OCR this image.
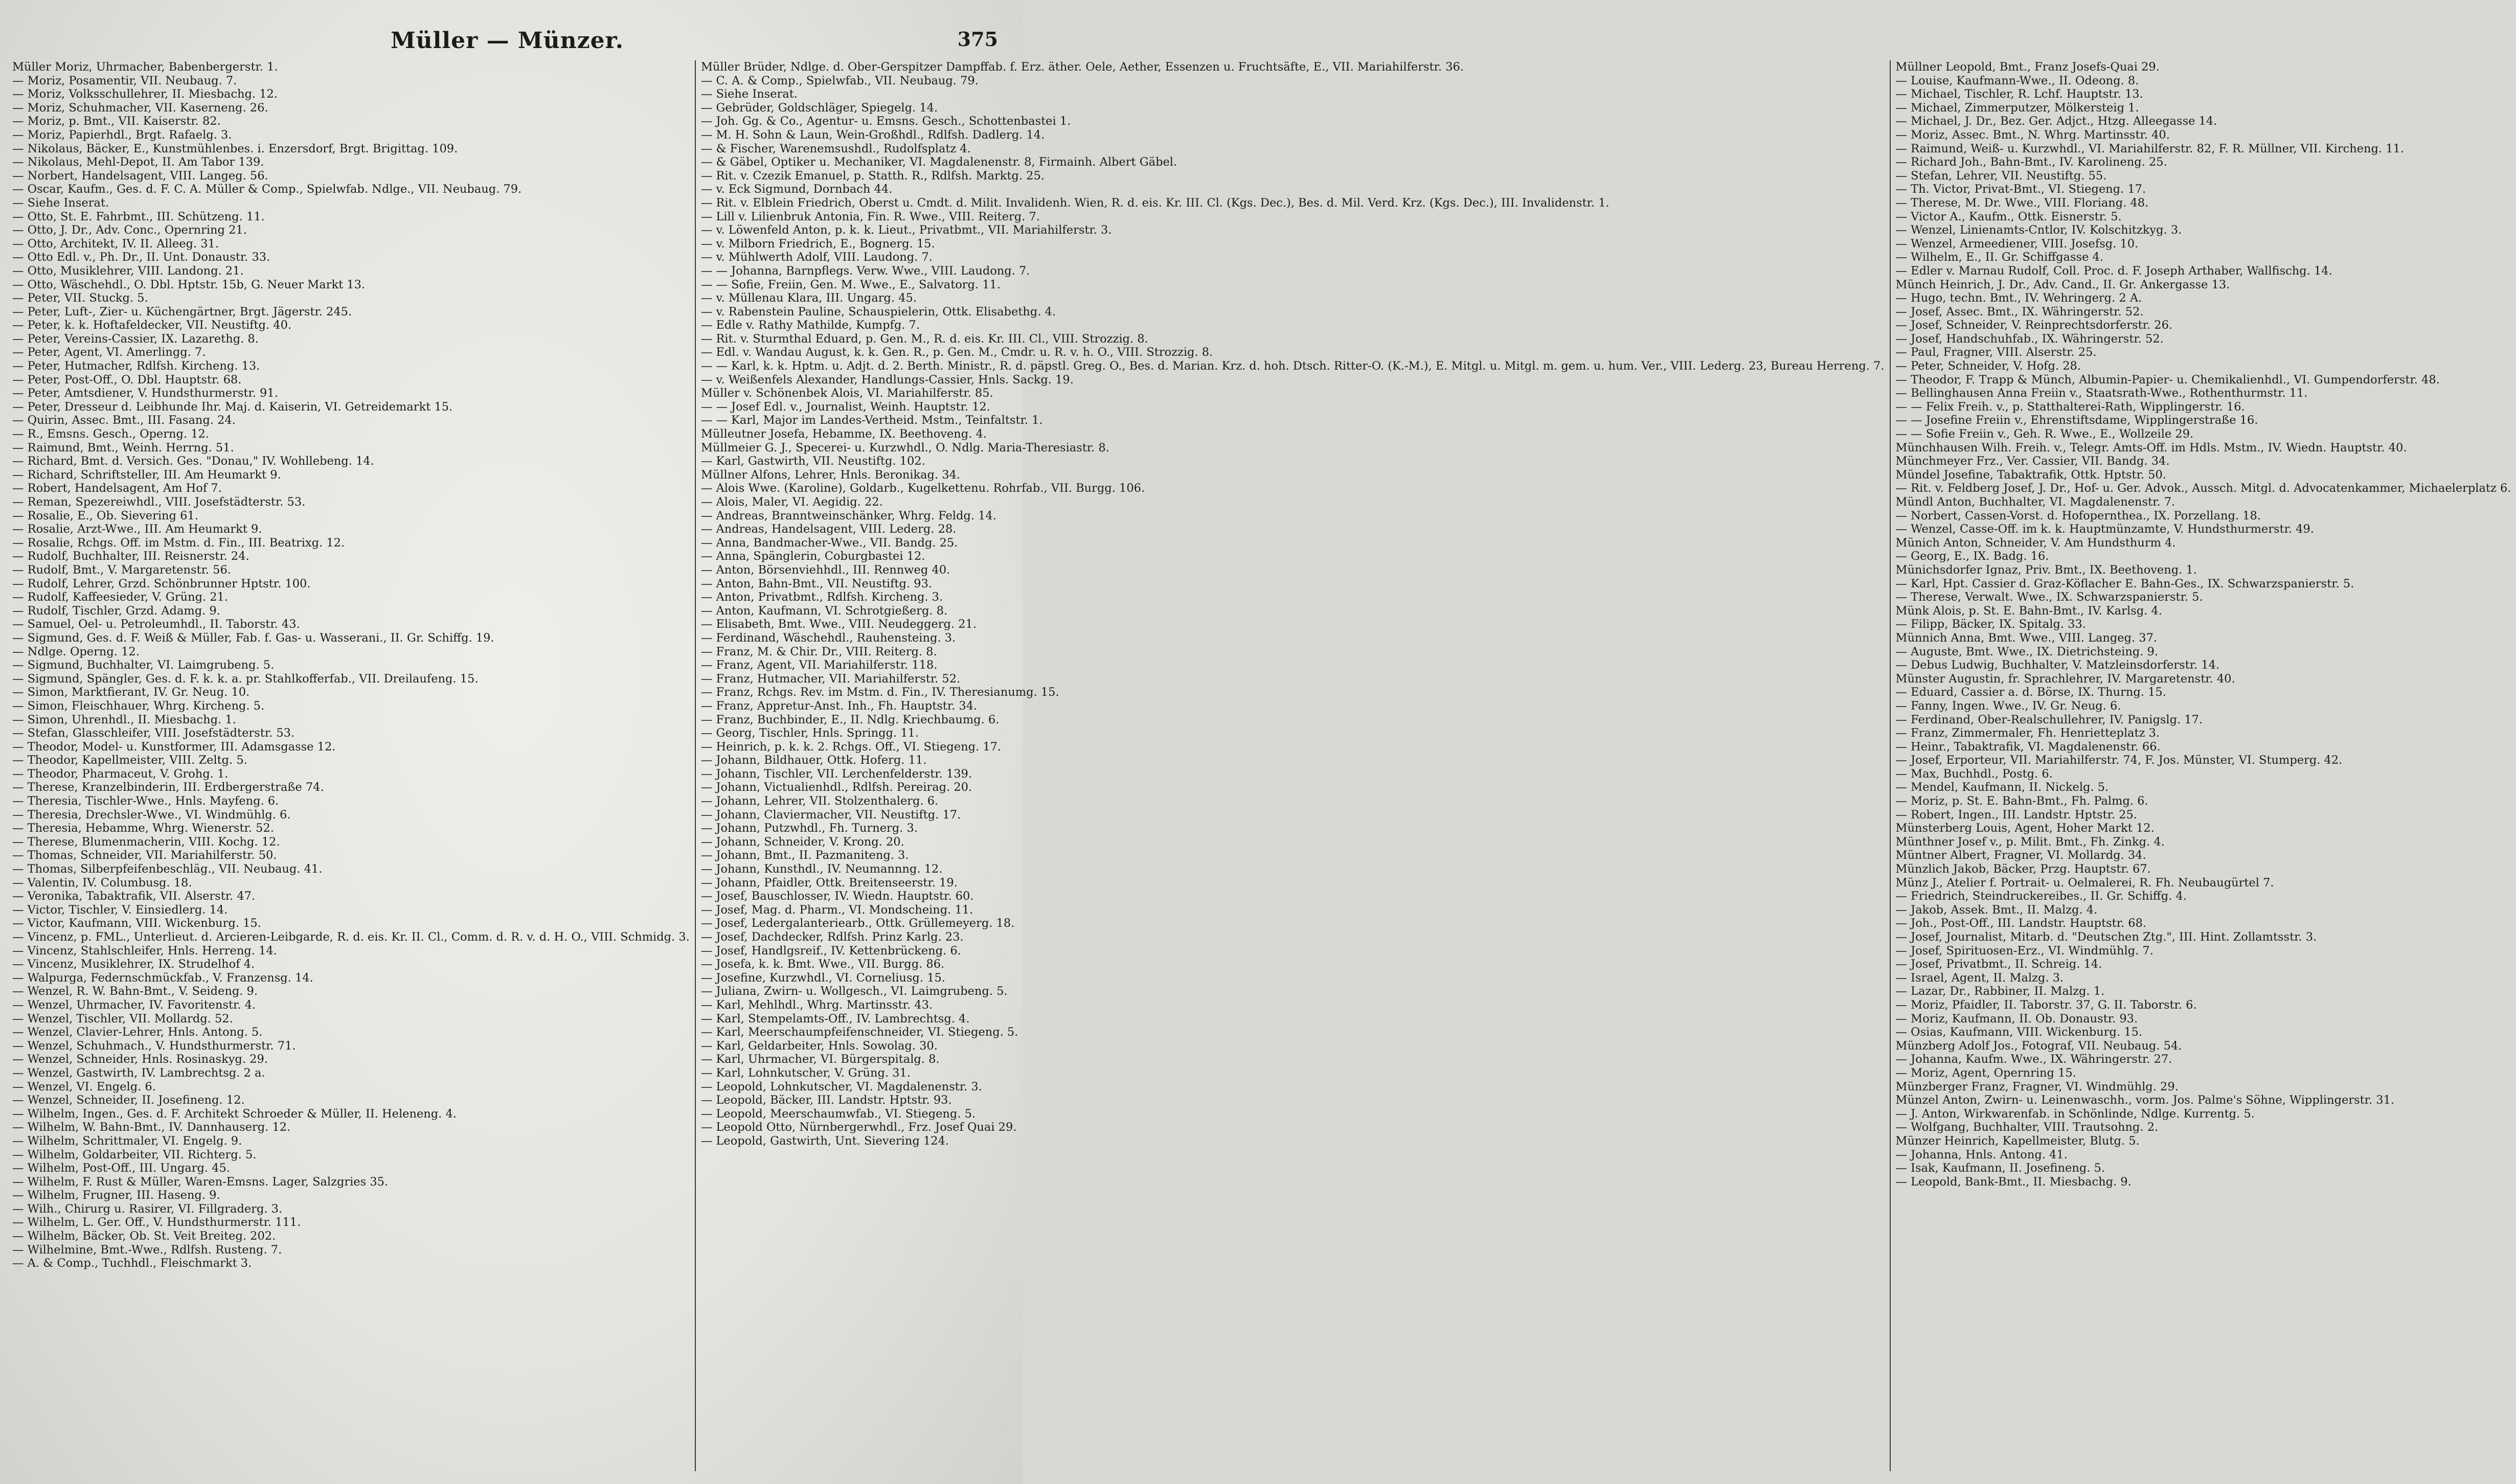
Müller — Münzer.	375
Müller Moriz, Uhrmacher, Babenbergerstr. 1.
— Moriz, Posamentir, VII. Neubaug. 7.
— Moriz, Volksschullehrer, II. Miesbachg. 12.
— Moriz, Schuhmacher, VII. Kaserneng. 26.
— Moriz, p. Bmt., VII. Kaiserstr. 82.
— Moriz, Papierhdl., Brgt. Rafaelg. 3.
— Nikolaus, Bäcker, E., Kunstmühlenbes. i. Enzersdorf, Brgt. Brigittag. 109.
— Nikolaus, Mehl-Depot, II. Am Tabor 139.
— Norbert, Handelsagent, VIII. Langeg. 56.
— Oscar, Kaufm., Ges. d. F. C. A. Müller & Comp., Spielwfab. Ndlge., VII. Neubaug. 79.
— Siehe Inserat.
— Otto, St. E. Fahrbmt., III. Schützeng. 11.
— Otto, J. Dr., Adv. Conc., Opernring 21.
— Otto, Architekt, IV. II. Alleeg. 31.
— Otto Edl. v., Ph. Dr., II. Unt. Donaustr. 33.
— Otto, Musiklehrer, VIII. Landong. 21.
— Otto, Wäschehdl., O. Dbl. Hptstr. 15b, G. Neuer Markt 13.
— Peter, VII. Stuckg. 5.
— Peter, Luft-, Zier- u. Küchengärtner, Brgt. Jägerstr. 245.
— Peter, k. k. Hoftafeldecker, VII. Neustiftg. 40.
— Peter, Vereins-Cassier, IX. Lazarethg. 8.
— Peter, Agent, VI. Amerlingg. 7.
— Peter, Hutmacher, Rdlfsh. Kircheng. 13.
— Peter, Post-Off., O. Dbl. Hauptstr. 68.
— Peter, Amtsdiener, V. Hundsthurmerstr. 91.
— Peter, Dresseur d. Leibhunde Ihr. Maj. d. Kaiserin, VI. Getreidemarkt 15.
— Quirin, Assec. Bmt., III. Fasang. 24.
— R., Emsns. Gesch., Operng. 12.
— Raimund, Bmt., Weinh. Herrng. 51.
— Richard, Bmt. d. Versich. Ges. "Donau," IV. Wohllebeng. 14.
— Richard, Schriftsteller, III. Am Heumarkt 9.
— Robert, Handelsagent, Am Hof 7.
— Reman, Spezereiwhdl., VIII. Josefstädterstr. 53.
— Rosalie, E., Ob. Sievering 61.
— Rosalie, Arzt-Wwe., III. Am Heumarkt 9.
— Rosalie, Rchgs. Off. im Mstm. d. Fin., III. Beatrixg. 12.
— Rudolf, Buchhalter, III. Reisnerstr. 24.
— Rudolf, Bmt., V. Margaretenstr. 56.
— Rudolf, Lehrer, Grzd. Schönbrunner Hptstr. 100.
— Rudolf, Kaffeesieder, V. Grüng. 21.
— Rudolf, Tischler, Grzd. Adamg. 9.
— Samuel, Oel- u. Petroleumhdl., II. Taborstr. 43.
— Sigmund, Ges. d. F. Weiß & Müller, Fab. f. Gas- u. Wasserani., II. Gr. Schiffg. 19.
— Ndlge. Operng. 12.
— Sigmund, Buchhalter, VI. Laimgrubeng. 5.
— Sigmund, Spängler, Ges. d. F. k. k. a. pr. Stahlkofferfab., VII. Dreilaufeng. 15.
— Simon, Marktfierant, IV. Gr. Neug. 10.
— Simon, Fleischhauer, Whrg. Kircheng. 5.
— Simon, Uhrenhdl., II. Miesbachg. 1.
— Stefan, Glasschleifer, VIII. Josefstädterstr. 53.
— Theodor, Model- u. Kunstformer, III. Adamsgasse 12.
— Theodor, Kapellmeister, VIII. Zeltg. 5.
— Theodor, Pharmaceut, V. Grohg. 1.
— Therese, Kranzelbinderin, III. Erdbergerstraße 74.
— Theresia, Tischler-Wwe., Hnls. Mayfeng. 6.
— Theresia, Drechsler-Wwe., VI. Windmühlg. 6.
— Theresia, Hebamme, Whrg. Wienerstr. 52.
— Therese, Blumenmacherin, VIII. Kochg. 12.
— Thomas, Schneider, VII. Mariahilferstr. 50.
— Thomas, Silberpfeifenbeschläg., VII. Neubaug. 41.
— Valentin, IV. Columbusg. 18.
— Veronika, Tabaktrafik, VII. Alserstr. 47.
— Victor, Tischler, V. Einsiedlerg. 14.
— Victor, Kaufmann, VIII. Wickenburg. 15.
— Vincenz, p. FML., Unterlieut. d. Arcieren-Leibgarde, R. d. eis. Kr. II. Cl., Comm. d. R. v. d. H. O., VIII. Schmidg. 3.
— Vincenz, Stahlschleifer, Hnls. Herreng. 14.
— Vincenz, Musiklehrer, IX. Strudelhof 4.
— Walpurga, Federnschmückfab., V. Franzensg. 14.
— Wenzel, R. W. Bahn-Bmt., V. Seideng. 9.
— Wenzel, Uhrmacher, IV. Favoritenstr. 4.
— Wenzel, Tischler, VII. Mollardg. 52.
— Wenzel, Clavier-Lehrer, Hnls. Antong. 5.
— Wenzel, Schuhmach., V. Hundsthurmerstr. 71.
— Wenzel, Schneider, Hnls. Rosinaskyg. 29.
— Wenzel, Gastwirth, IV. Lambrechtsg. 2 a.
— Wenzel, VI. Engelg. 6.
— Wenzel, Schneider, II. Josefineng. 12.
— Wilhelm, Ingen., Ges. d. F. Architekt Schroeder & Müller, II. Heleneng. 4.
— Wilhelm, W. Bahn-Bmt., IV. Dannhauserg. 12.
— Wilhelm, Schrittmaler, VI. Engelg. 9.
— Wilhelm, Goldarbeiter, VII. Richterg. 5.
— Wilhelm, Post-Off., III. Ungarg. 45.
— Wilhelm, F. Rust & Müller, Waren-Emsns. Lager, Salzgries 35.
— Wilhelm, Frugner, III. Haseng. 9.
— Wilh., Chirurg u. Rasirer, VI. Fillgraderg. 3.
— Wilhelm, L. Ger. Off., V. Hundsthurmerstr. 111.
— Wilhelm, Bäcker, Ob. St. Veit Breiteg. 202.
— Wilhelmine, Bmt.-Wwe., Rdlfsh. Rusteng. 7.
— A. & Comp., Tuchhdl., Fleischmarkt 3.
Müller Brüder, Ndlge. d. Ober-Gerspitzer Dampffab. f. Erz. äther. Oele, Aether, Essenzen u. Fruchtsäfte, E., VII. Mariahilferstr. 36.
— C. A. & Comp., Spielwfab., VII. Neubaug. 79.
— Siehe Inserat.
— Gebrüder, Goldschläger, Spiegelg. 14.
— Joh. Gg. & Co., Agentur- u. Emsns. Gesch., Schottenbastei 1.
— M. H. Sohn & Laun, Wein-Großhdl., Rdlfsh. Dadlerg. 14.
— & Fischer, Warenemsushdl., Rudolfsplatz 4.
— & Gäbel, Optiker u. Mechaniker, VI. Magdalenenstr. 8, Firmainh. Albert Gäbel.
— Rit. v. Czezik Emanuel, p. Statth. R., Rdlfsh. Marktg. 25.
— v. Eck Sigmund, Dornbach 44.
— Rit. v. Elblein Friedrich, Oberst u. Cmdt. d. Milit. Invalidenh. Wien, R. d. eis. Kr. III. Cl. (Kgs. Dec.), Bes. d. Mil. Verd. Krz. (Kgs. Dec.), III. Invalidenstr. 1.
— Lill v. Lilienbruk Antonia, Fin. R. Wwe., VIII. Reiterg. 7.
— v. Löwenfeld Anton, p. k. k. Lieut., Privatbmt., VII. Mariahilferstr. 3.
— v. Milborn Friedrich, E., Bognerg. 15.
— v. Mühlwerth Adolf, VIII. Laudong. 7.
— — Johanna, Barnpflegs. Verw. Wwe., VIII. Laudong. 7.
— — Sofie, Freiin, Gen. M. Wwe., E., Salvatorg. 11.
— v. Müllenau Klara, III. Ungarg. 45.
— v. Rabenstein Pauline, Schauspielerin, Ottk. Elisabethg. 4.
— Edle v. Rathy Mathilde, Kumpfg. 7.
— Rit. v. Sturmthal Eduard, p. Gen. M., R. d. eis. Kr. III. Cl., VIII. Strozzig. 8.
— Edl. v. Wandau August, k. k. Gen. R., p. Gen. M., Cmdr. u. R. v. h. O., VIII. Strozzig. 8.
— — Karl, k. k. Hptm. u. Adjt. d. 2. Berth. Ministr., R. d. päpstl. Greg. O., Bes. d. Marian. Krz. d. hoh. Dtsch. Ritter-O. (K.-M.), E. Mitgl. u. Mitgl. m. gem. u. hum. Ver., VIII. Lederg. 23, Bureau Herreng. 7.
— v. Weißenfels Alexander, Handlungs-Cassier, Hnls. Sackg. 19.
Müller v. Schönenbek Alois, VI. Mariahilferstr. 85.
— — Josef Edl. v., Journalist, Weinh. Hauptstr. 12.
— — Karl, Major im Landes-Vertheid. Mstm., Teinfaltstr. 1.
Mülleutner Josefa, Hebamme, IX. Beethoveng. 4.
Müllmeier G. J., Specerei- u. Kurzwhdl., O. Ndlg. Maria-Theresiastr. 8.
— Karl, Gastwirth, VII. Neustiftg. 102.
Müllner Alfons, Lehrer, Hnls. Beronikag. 34.
— Alois Wwe. (Karoline), Goldarb., Kugelkettenu. Rohrfab., VII. Burgg. 106.
— Alois, Maler, VI. Aegidig. 22.
— Andreas, Branntweinschänker, Whrg. Feldg. 14.
— Andreas, Handelsagent, VIII. Lederg. 28.
— Anna, Bandmacher-Wwe., VII. Bandg. 25.
— Anna, Spänglerin, Coburgbastei 12.
— Anton, Börsenviehhdl., III. Rennweg 40.
— Anton, Bahn-Bmt., VII. Neustiftg. 93.
— Anton, Privatbmt., Rdlfsh. Kircheng. 3.
— Anton, Kaufmann, VI. Schrotgießerg. 8.
— Elisabeth, Bmt. Wwe., VIII. Neudeggerg. 21.
— Ferdinand, Wäschehdl., Rauhensteing. 3.
— Franz, M. & Chir. Dr., VIII. Reiterg. 8.
— Franz, Agent, VII. Mariahilferstr. 118.
— Franz, Hutmacher, VII. Mariahilferstr. 52.
— Franz, Rchgs. Rev. im Mstm. d. Fin., IV. Theresianumg. 15.
— Franz, Appretur-Anst. Inh., Fh. Hauptstr. 34.
— Franz, Buchbinder, E., II. Ndlg. Kriechbaumg. 6.
— Georg, Tischler, Hnls. Springg. 11.
— Heinrich, p. k. k. 2. Rchgs. Off., VI. Stiegeng. 17.
— Johann, Bildhauer, Ottk. Hoferg. 11.
— Johann, Tischler, VII. Lerchenfelderstr. 139.
— Johann, Victualienhdl., Rdlfsh. Pereirag. 20.
— Johann, Lehrer, VII. Stolzenthalerg. 6.
— Johann, Claviermacher, VII. Neustiftg. 17.
— Johann, Putzwhdl., Fh. Turnerg. 3.
— Johann, Schneider, V. Krong. 20.
— Johann, Bmt., II. Pazmaniteng. 3.
— Johann, Kunsthdl., IV. Neumannng. 12.
— Johann, Pfaidler, Ottk. Breitenseerstr. 19.
— Josef, Bauschlosser, IV. Wiedn. Hauptstr. 60.
— Josef, Mag. d. Pharm., VI. Mondscheing. 11.
— Josef, Ledergalanteriearb., Ottk. Grüllemeyerg. 18.
— Josef, Dachdecker, Rdlfsh. Prinz Karlg. 23.
— Josef, Handlgsreif., IV. Kettenbrückeng. 6.
— Josefa, k. k. Bmt. Wwe., VII. Burgg. 86.
— Josefine, Kurzwhdl., VI. Corneliusg. 15.
— Juliana, Zwirn- u. Wollgesch., VI. Laimgrubeng. 5.
— Karl, Mehlhdl., Whrg. Martinsstr. 43.
— Karl, Stempelamts-Off., IV. Lambrechtsg. 4.
— Karl, Meerschaumpfeifenschneider, VI. Stiegeng. 5.
— Karl, Geldarbeiter, Hnls. Sowolag. 30.
— Karl, Uhrmacher, VI. Bürgerspitalg. 8.
— Karl, Lohnkutscher, V. Grüng. 31.
— Leopold, Lohnkutscher, VI. Magdalenenstr. 3.
— Leopold, Bäcker, III. Landstr. Hptstr. 93.
— Leopold, Meerschaumwfab., VI. Stiegeng. 5.
— Leopold Otto, Nürnbergerwhdl., Frz. Josef Quai 29.
— Leopold, Gastwirth, Unt. Sievering 124.
Müllner Leopold, Bmt., Franz Josefs-Quai 29.
— Louise, Kaufmann-Wwe., II. Odeong. 8.
— Michael, Tischler, R. Lchf. Hauptstr. 13.
— Michael, Zimmerputzer, Mölkersteig 1.
— Michael, J. Dr., Bez. Ger. Adjct., Htzg. Alleegasse 14.
— Moriz, Assec. Bmt., N. Whrg. Martinsstr. 40.
— Raimund, Weiß- u. Kurzwhdl., VI. Mariahilferstr. 82, F. R. Müllner, VII. Kircheng. 11.
— Richard Joh., Bahn-Bmt., IV. Karolineng. 25.
— Stefan, Lehrer, VII. Neustiftg. 55.
— Th. Victor, Privat-Bmt., VI. Stiegeng. 17.
— Therese, M. Dr. Wwe., VIII. Floriang. 48.
— Victor A., Kaufm., Ottk. Eisnerstr. 5.
— Wenzel, Linienamts-Cntlor, IV. Kolschitzkyg. 3.
— Wenzel, Armeediener, VIII. Josefsg. 10.
— Wilhelm, E., II. Gr. Schiffgasse 4.
— Edler v. Marnau Rudolf, Coll. Proc. d. F. Joseph Arthaber, Wallfischg. 14.
Münch Heinrich, J. Dr., Adv. Cand., II. Gr. Ankergasse 13.
— Hugo, techn. Bmt., IV. Wehringerg. 2 A.
— Josef, Assec. Bmt., IX. Währingerstr. 52.
— Josef, Schneider, V. Reinprechtsdorferstr. 26.
— Josef, Handschuhfab., IX. Währingerstr. 52.
— Paul, Fragner, VIII. Alserstr. 25.
— Peter, Schneider, V. Hofg. 28.
— Theodor, F. Trapp & Münch, Albumin-Papier- u. Chemikalienhdl., VI. Gumpendorferstr. 48.
— Bellinghausen Anna Freiin v., Staatsrath-Wwe., Rothenthurmstr. 11.
— — Felix Freih. v., p. Statthalterei-Rath, Wipplingerstr. 16.
— — Josefine Freiin v., Ehrenstiftsdame, Wipplingerstraße 16.
— — Sofie Freiin v., Geh. R. Wwe., E., Wollzeile 29.
Münchhausen Wilh. Freih. v., Telegr. Amts-Off. im Hdls. Mstm., IV. Wiedn. Hauptstr. 40.
Münchmeyer Frz., Ver. Cassier, VII. Bandg. 34.
Mündel Josefine, Tabaktrafik, Ottk. Hptstr. 50.
— Rit. v. Feldberg Josef, J. Dr., Hof- u. Ger. Advok., Aussch. Mitgl. d. Advocatenkammer, Michaelerplatz 6.
Mündl Anton, Buchhalter, VI. Magdalenenstr. 7.
— Norbert, Cassen-Vorst. d. Hofopernthea., IX. Porzellang. 18.
— Wenzel, Casse-Off. im k. k. Hauptmünzamte, V. Hundsthurmerstr. 49.
Münich Anton, Schneider, V. Am Hundsthurm 4.
— Georg, E., IX. Badg. 16.
Münichsdorfer Ignaz, Priv. Bmt., IX. Beethoveng. 1.
— Karl, Hpt. Cassier d. Graz-Köflacher E. Bahn-Ges., IX. Schwarzspanierstr. 5.
— Therese, Verwalt. Wwe., IX. Schwarzspanierstr. 5.
Münk Alois, p. St. E. Bahn-Bmt., IV. Karlsg. 4.
— Filipp, Bäcker, IX. Spitalg. 33.
Münnich Anna, Bmt. Wwe., VIII. Langeg. 37.
— Auguste, Bmt. Wwe., IX. Dietrichsteing. 9.
— Debus Ludwig, Buchhalter, V. Matzleinsdorferstr. 14.
Münster Augustin, fr. Sprachlehrer, IV. Margaretenstr. 40.
— Eduard, Cassier a. d. Börse, IX. Thurng. 15.
— Fanny, Ingen. Wwe., IV. Gr. Neug. 6.
— Ferdinand, Ober-Realschullehrer, IV. Panigslg. 17.
— Franz, Zimmermaler, Fh. Henrietteplatz 3.
— Heinr., Tabaktrafik, VI. Magdalenenstr. 66.
— Josef, Erporteur, VII. Mariahilferstr. 74, F. Jos. Münster, VI. Stumperg. 42.
— Max, Buchhdl., Postg. 6.
— Mendel, Kaufmann, II. Nickelg. 5.
— Moriz, p. St. E. Bahn-Bmt., Fh. Palmg. 6.
— Robert, Ingen., III. Landstr. Hptstr. 25.
Münsterberg Louis, Agent, Hoher Markt 12.
Münthner Josef v., p. Milit. Bmt., Fh. Zinkg. 4.
Müntner Albert, Fragner, VI. Mollardg. 34.
Münzlich Jakob, Bäcker, Przg. Hauptstr. 67.
Münz J., Atelier f. Portrait- u. Oelmalerei, R. Fh. Neubaugürtel 7.
— Friedrich, Steindruckereibes., II. Gr. Schiffg. 4.
— Jakob, Assek. Bmt., II. Malzg. 4.
— Joh., Post-Off., III. Landstr. Hauptstr. 68.
— Josef, Journalist, Mitarb. d. "Deutschen Ztg.", III. Hint. Zollamtsstr. 3.
— Josef, Spirituosen-Erz., VI. Windmühlg. 7.
— Josef, Privatbmt., II. Schreig. 14.
— Israel, Agent, II. Malzg. 3.
— Lazar, Dr., Rabbiner, II. Malzg. 1.
— Moriz, Pfaidler, II. Taborstr. 37, G. II. Taborstr. 6.
— Moriz, Kaufmann, II. Ob. Donaustr. 93.
— Osias, Kaufmann, VIII. Wickenburg. 15.
Münzberg Adolf Jos., Fotograf, VII. Neubaug. 54.
— Johanna, Kaufm. Wwe., IX. Währingerstr. 27.
— Moriz, Agent, Opernring 15.
Münzberger Franz, Fragner, VI. Windmühlg. 29.
Münzel Anton, Zwirn- u. Leinenwaschh., vorm. Jos. Palme's Söhne, Wipplingerstr. 31.
— J. Anton, Wirkwarenfab. in Schönlinde, Ndlge. Kurrentg. 5.
— Wolfgang, Buchhalter, VIII. Trautsohng. 2.
Münzer Heinrich, Kapellmeister, Blutg. 5.
— Johanna, Hnls. Antong. 41.
— Isak, Kaufmann, II. Josefineng. 5.
— Leopold, Bank-Bmt., II. Miesbachg. 9.
